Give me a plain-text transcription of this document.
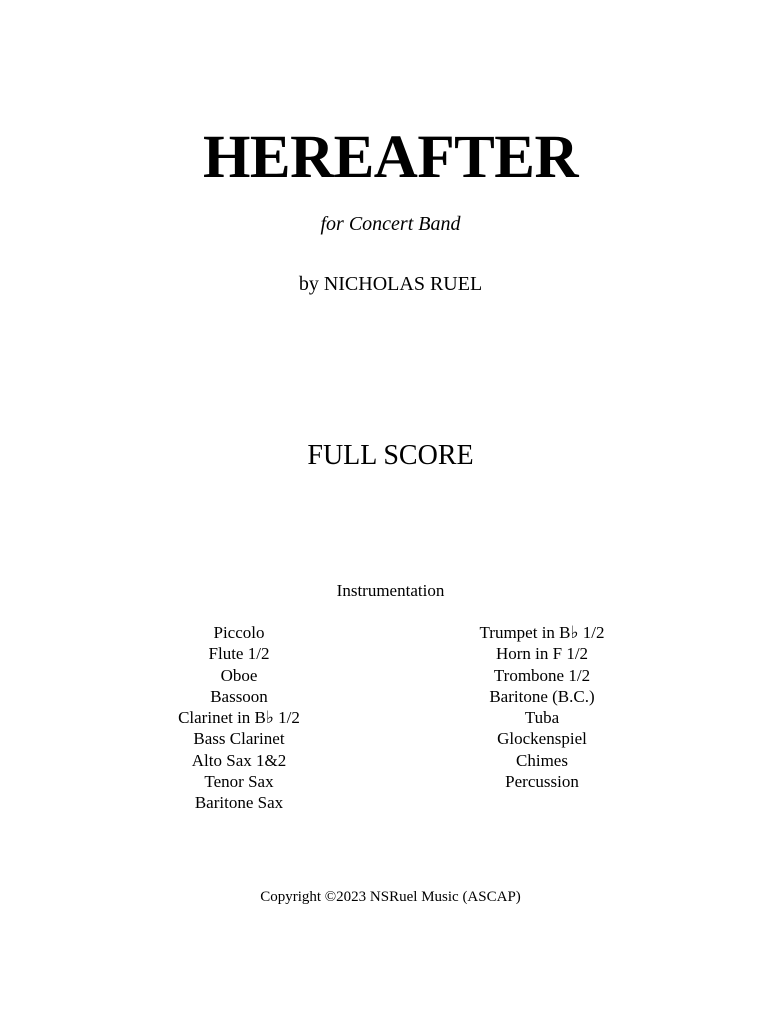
HEREAFTER
for Concert Band
by NICHOLAS RUEL
FULL SCORE
Instrumentation
Piccolo
Flute 1/2
Oboe
Bassoon
Clarinet in B♭ 1/2
Bass Clarinet
Alto Sax 1&2
Tenor Sax
Baritone Sax
Trumpet in B♭ 1/2
Horn in F 1/2
Trombone 1/2
Baritone (B.C.)
Tuba
Glockenspiel
Chimes
Percussion
Copyright ©2023 NSRuel Music (ASCAP)
